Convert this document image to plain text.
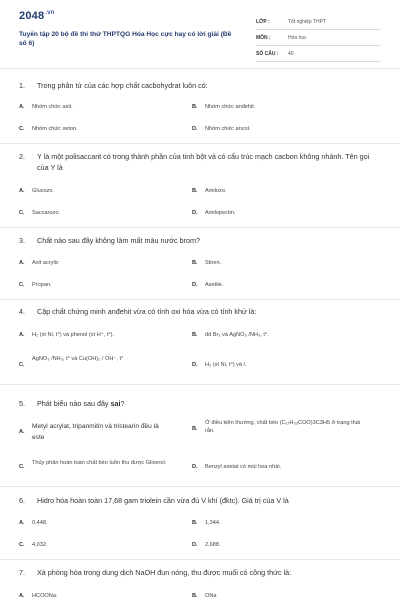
$2048^{.vn}$
Tuyển tập 20 bộ đề thi thử THPTQG Hóa Học cực hay có lời giải (Đề số 6)
LỚP :	Tốt nghiệp THPT
MÔN :	Hóa học
SỐ CÂU :	40
1.	Trong phân tử của các hợp chất cacbohydrat luôn có:
A.	Nhóm chức axit.	B.	Nhóm chức anđehit.
C.	Nhóm chức xeton.	D.	Nhóm chức ancol.
2.	Y là một polisaccarit có trong thành phần của tinh bột và có cấu trúc mạch cacbon không nhánh. Tên gọi của Y là
A.	Glucozo.	B.	Amilozo.
C.	Saccarozo.	D.	Amilopectin.
3.	Chất nào sau đây không làm mất màu nước brom?
A.	Axit acrylic	B.	Stiren.
C.	Propan.	D.	Axetile.
4.	Cặp chất chứng minh anđehit vừa có tính oxi hóa vừa có tính khử là:
A.	H₂ (xt Ni, t°) và phenol (xt H⁺, t°).	B.	dd Br₂ và AgNO₃ /NH₃, t°.
C.
AgNO₃ /NH₃, t° và Cu(OH)₂ / OH⁻, t°
D.	H₂ (xt Ni, t°) và /.
5.	Phát biểu nào sau đây sai?
A.
Metyl acrylat, tripanmitin và tristearin đều là este
B.
Ở điều kiện thường, chất béo (C₁₇H₃₃COO)3C3H5 ở trạng thái rắn.
C.
Thủy phân hoàn toàn chất béo luôn thu được Glixerol.
D.	Benzyl axetat có mùi hoa nhài.
6.	Hidro hóa hoàn toàn 17,68 gam triolein cần vừa đủ V khí (đktc). Giá trị của V là
A.	0,448.	B.	1,344.
C.	4,032.	D.	2,688.
7.	Xà phòng hóa trong dung dịch NaOH đun nóng, thu được muối có công thức là:
A.	HCOONa.	B.	ONa
